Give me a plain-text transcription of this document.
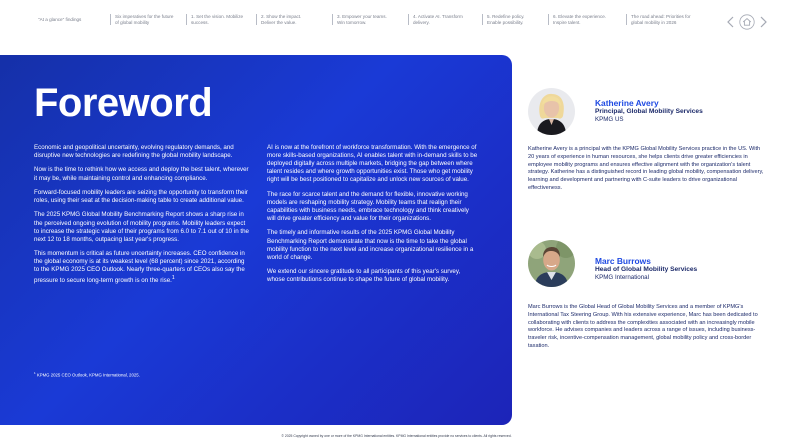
"At a glance" findings
Six imperatives for the future of global mobility
1. Set the vision. Mobilize success.
2. Show the impact. Deliver the value.
3. Empower your teams. Win tomorrow.
4. Activate AI. Transform delivery.
5. Redefine policy. Enable possibility.
6. Elevate the experience. Inspire talent.
The road ahead: Priorities for global mobility in 2026
Foreword

Economic and geopolitical uncertainty, evolving regulatory demands, and disruptive new technologies are redefining the global mobility landscape.

Now is the time to rethink how we access and deploy the best talent, wherever it may be, while maintaining control and enhancing compliance.

Forward-focused mobility leaders are seizing the opportunity to transform their roles, using their seat at the decision-making table to create additional value.

The 2025 KPMG Global Mobility Benchmarking Report shows a sharp rise in the perceived ongoing evolution of mobility programs. Mobility leaders expect to increase the strategic value of their programs from 6.0 to 7.1 out of 10 in the next 12 to 18 months, outpacing last year's progress.

This momentum is critical as future uncertainty increases. CEO confidence in the global economy is at its weakest level (68 percent) since 2021, according to the KPMG 2025 CEO Outlook. Nearly three-quarters of CEOs also say the pressure to secure long-term growth is on the rise.$^1$

AI is now at the forefront of workforce transformation. With the emergence of more skills-based organizations, AI enables talent with in-demand skills to be deployed digitally across multiple markets, bridging the gap between where talent resides and where growth opportunities exist. Those who get mobility right will be best positioned to capitalize and unlock new sources of value.

The race for scarce talent and the demand for flexible, innovative working models are reshaping mobility strategy. Mobility teams that realign their capabilities with business needs, embrace technology and think creatively will drive greater efficiency and value for their organizations.

The timely and informative results of the 2025 KPMG Global Mobility Benchmarking Report demonstrate that now is the time to take the global mobility function to the next level and increase organizational resilience in a world of change.

We extend our sincere gratitude to all participants of this year's survey, whose contributions continue to shape the future of global mobility.

$^1$ KPMG 2025 CEO Outlook, KPMG International, 2025.
Katherine Avery
Principal, Global Mobility Services
KPMG US
Katherine Avery is a principal with the KPMG Global Mobility Services practice in the US. With 20 years of experience in human resources, she helps clients drive greater efficiencies in employee mobility programs and ensures effective alignment with the organization's talent strategy. Katherine has a distinguished record in leading global mobility, compensation delivery, learning and development and partnering with C-suite leaders to drive organizational effectiveness.
Marc Burrows
Head of Global Mobility Services
KPMG International
Marc Burrows is the Global Head of Global Mobility Services and a member of KPMG's International Tax Steering Group. With his extensive experience, Marc has been dedicated to collaborating with clients to address the complexities associated with an increasingly mobile workforce. He advises companies and leaders across a range of issues, including business-traveler risk, incentive-compensation management, global mobility policy and cross-border taxation.
© 2025 Copyright owned by one or more of the KPMG International entities. KPMG International entities provide no services to clients. All rights reserved.
